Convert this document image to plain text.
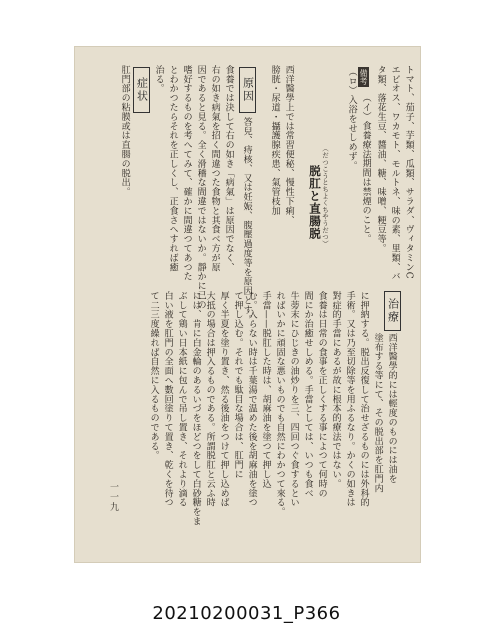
トマト、茄子、芋類、瓜類、サラダ、ヴィタミンC
エビオス、ワカモト、モルトネ、味の素、里類、バ
タ類、落花生豆、醬油、糖、味噌、粳豆等。
備考
（イ）食養療法期間は禁煙のこと。
（ロ）入浴をせしめず。
脱肛と直腸脱 （だつこうとちよくちやうだつ）
西洋醫學上では常習便秘、慢性下痢、
膀胱・尿道・攝護腺疾患、氣管枝加
原因
答兒、痔核、又は妊娠、腹壓過度等を原因とす。
食養では決して右の如き「病氣」は原因でなく、
右の如き病氣を招く間違つた食物と其食べ方が原
因であると見る。全く滑稽な間違ではないか。靜かに己の
嗜好するものを考へてみて、確かに間違つてあつた
とわかつたらそれを正しくし、正食さへすれば癒
治る。
症状
肛門部の粘膜或は直腸の脱出。
治療
西洋醫學的には輕度のものには油を
塗布する等にて、その脱出部を肛門内
に押納する。脱出反復して治せざるものには外科的
手術。又は乃至切除等を用ふるなり。かくの如きは
對症的手當にあるが故に根本的療法ではない。
食養は日常の食事を正しくする事によつて何時の
間にか治癒せしめる。手當としては、いつも食べ
牛蒡末にひじきの油炒りを三、四回つぐ食するとい
ればいかに頑固な悪いものでも自然にわかつて來る。
手當——脱肛した時は、胡麻油を塗つて押し込
む。入らない時は千葉湯で温めた後を胡麻油を塗つ
て押し込む。それでも駄目な場合は、肛門に
厚く半夏を塗り置き、然る後油をつけて押し込めば
大抵の場合は押入るものである。所謂脱肛と云ふ時
には、肯に白金輪のあるいづをほどつをして白砂糖をま
ぶして鶏い日本紙に包んで吊し置き、それより滴る
白い液を肛門の全面へ數回塗りて置き、乾くを待つ
て二三度繰れば自然に入るものである。
一一九
20210200031_P366
